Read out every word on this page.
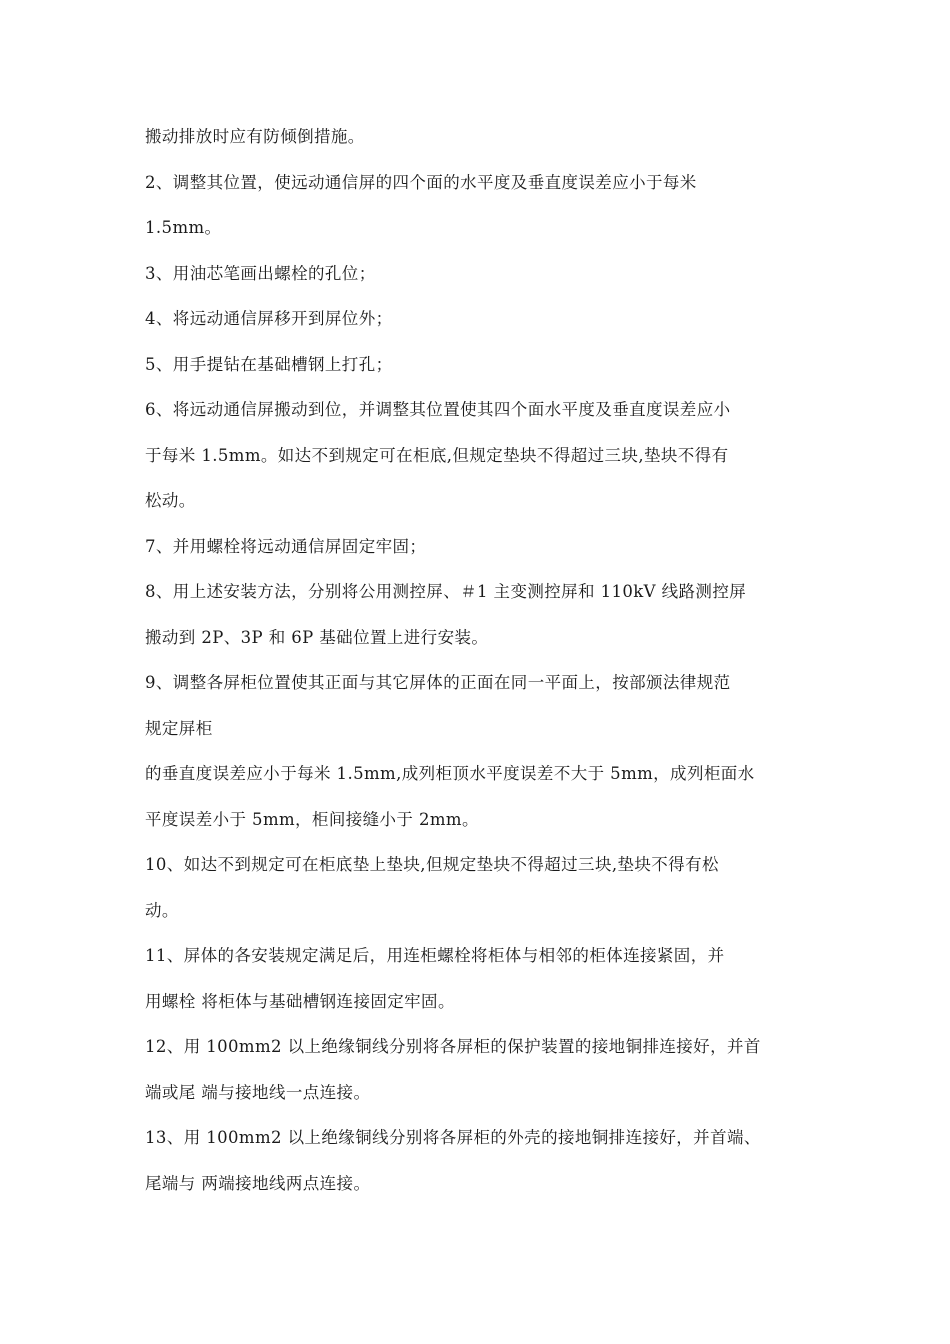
搬动排放时应有防倾倒措施。
2、调整其位置，使远动通信屏的四个面的水平度及垂直度误差应小于每米
1.5mm。
3、用油芯笔画出螺栓的孔位；
4、将远动通信屏移开到屏位外；
5、用手提钻在基础槽钢上打孔；
6、将远动通信屏搬动到位，并调整其位置使其四个面水平度及垂直度误差应小
于每米 1.5mm。如达不到规定可在柜底,但规定垫块不得超过三块,垫块不得有
松动。
7、并用螺栓将远动通信屏固定牢固；
8、用上述安装方法，分别将公用测控屏、＃1 主变测控屏和 110kV 线路测控屏
搬动到 2P、3P 和 6P 基础位置上进行安装。
9、调整各屏柜位置使其正面与其它屏体的正面在同一平面上，按部颁法律规范
规定屏柜
的垂直度误差应小于每米 1.5mm,成列柜顶水平度误差不大于 5mm，成列柜面水
平度误差小于 5mm，柜间接缝小于 2mm。
10、如达不到规定可在柜底垫上垫块,但规定垫块不得超过三块,垫块不得有松
动。
11、屏体的各安装规定满足后，用连柜螺栓将柜体与相邻的柜体连接紧固，并
用螺栓 将柜体与基础槽钢连接固定牢固。
12、用 100mm2 以上绝缘铜线分别将各屏柜的保护装置的接地铜排连接好，并首
端或尾 端与接地线一点连接。
13、用 100mm2 以上绝缘铜线分别将各屏柜的外壳的接地铜排连接好，并首端、
尾端与 两端接地线两点连接。
